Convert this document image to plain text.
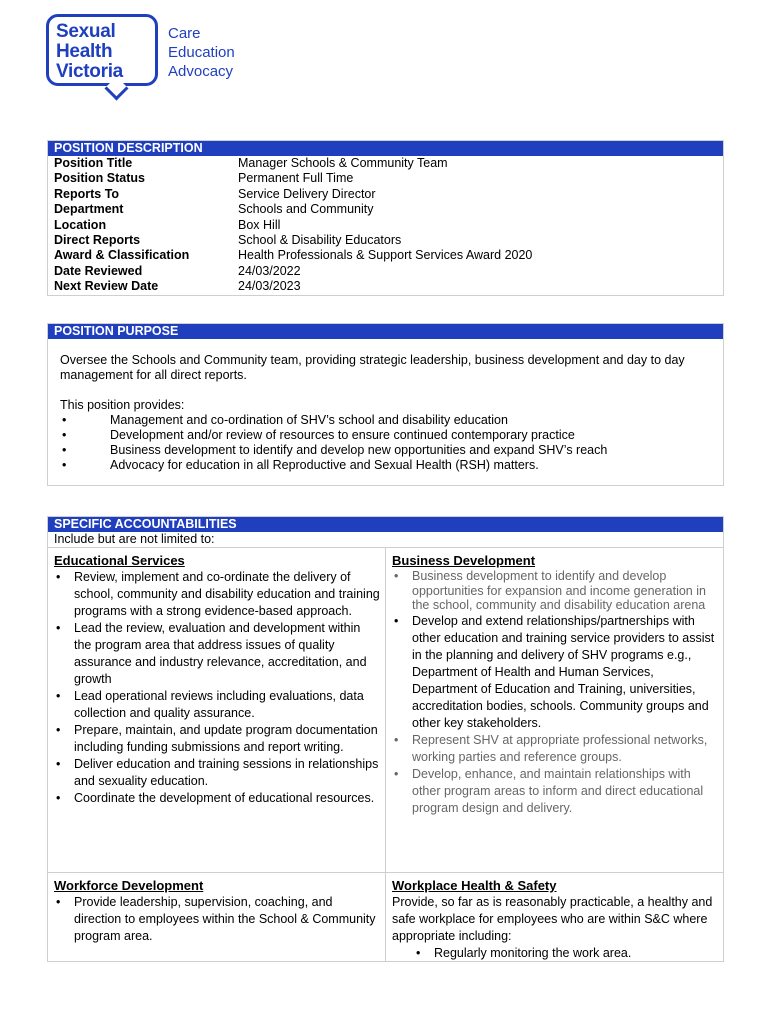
Sexual
Health
Victoria
Care
Education
Advocacy
POSITION DESCRIPTION
Position Title	Manager Schools & Community Team
Position Status	Permanent Full Time
Reports To	Service Delivery Director
Department	Schools and Community
Location	Box Hill
Direct Reports	School & Disability Educators
Award & Classification	Health Professionals & Support Services Award 2020
Date Reviewed	24/03/2022
Next Review Date	24/03/2023
POSITION PURPOSE

Oversee the Schools and Community team, providing strategic leadership, business development and day to day management for all direct reports.

This position provides:

•	Management and co-ordination of SHV’s school and disability education
•	Development and/or review of resources to ensure continued contemporary practice
•	Business development to identify and develop new opportunities and expand SHV’s reach
•	Advocacy for education in all Reproductive and Sexual Health (RSH) matters.
SPECIFIC ACCOUNTABILITIES
Include but are not limited to:
Educational Services
• Review, implement and co-ordinate the delivery of school, community and disability education and training programs with a strong evidence-based approach.
• Lead the review, evaluation and development within the program area that address issues of quality assurance and industry relevance, accreditation, and growth
• Lead operational reviews including evaluations, data collection and quality assurance.
• Prepare, maintain, and update program documentation including funding submissions and report writing.
• Deliver education and training sessions in relationships and sexuality education.
• Coordinate the development of educational resources.
Business Development
• Business development to identify and develop opportunities for expansion and income generation in the school, community and disability education arena
• Develop and extend relationships/partnerships with other education and training service providers to assist in the planning and delivery of SHV programs e.g., Department of Health and Human Services, Department of Education and Training, universities, accreditation bodies, schools. Community groups and other key stakeholders.
• Represent SHV at appropriate professional networks, working parties and reference groups.
• Develop, enhance, and maintain relationships with other program areas to inform and direct educational program design and delivery.
Workforce Development
• Provide leadership, supervision, coaching, and direction to employees within the School & Community program area.
Workplace Health & Safety
Provide, so far as is reasonably practicable, a healthy and safe workplace for employees who are within S&C where appropriate including:
• Regularly monitoring the work area.
